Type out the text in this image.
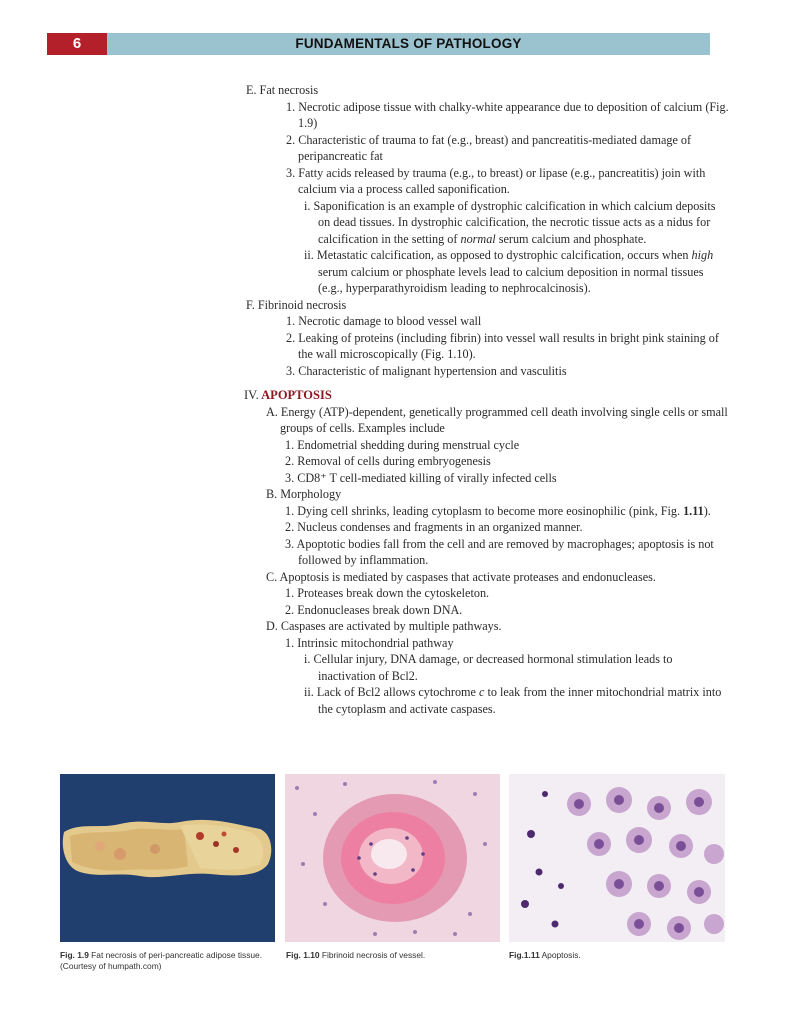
6	FUNDAMENTALS OF PATHOLOGY
E. Fat necrosis
1. Necrotic adipose tissue with chalky-white appearance due to deposition of calcium (Fig. 1.9)
2. Characteristic of trauma to fat (e.g., breast) and pancreatitis-mediated damage of peripancreatic fat
3. Fatty acids released by trauma (e.g., to breast) or lipase (e.g., pancreatitis) join with calcium via a process called saponification.
i. Saponification is an example of dystrophic calcification in which calcium deposits on dead tissues. In dystrophic calcification, the necrotic tissue acts as a nidus for calcification in the setting of normal serum calcium and phosphate.
ii. Metastatic calcification, as opposed to dystrophic calcification, occurs when high serum calcium or phosphate levels lead to calcium deposition in normal tissues (e.g., hyperparathyroidism leading to nephrocalcinosis).
F. Fibrinoid necrosis
1. Necrotic damage to blood vessel wall
2. Leaking of proteins (including fibrin) into vessel wall results in bright pink staining of the wall microscopically (Fig. 1.10).
3. Characteristic of malignant hypertension and vasculitis
IV. APOPTOSIS
A. Energy (ATP)-dependent, genetically programmed cell death involving single cells or small groups of cells. Examples include
1. Endometrial shedding during menstrual cycle
2. Removal of cells during embryogenesis
3. CD8⁺ T cell-mediated killing of virally infected cells
B. Morphology
1. Dying cell shrinks, leading cytoplasm to become more eosinophilic (pink, Fig. 1.11).
2. Nucleus condenses and fragments in an organized manner.
3. Apoptotic bodies fall from the cell and are removed by macrophages; apoptosis is not followed by inflammation.
C. Apoptosis is mediated by caspases that activate proteases and endonucleases.
1. Proteases break down the cytoskeleton.
2. Endonucleases break down DNA.
D. Caspases are activated by multiple pathways.
1. Intrinsic mitochondrial pathway
i. Cellular injury, DNA damage, or decreased hormonal stimulation leads to inactivation of Bcl2.
ii. Lack of Bcl2 allows cytochrome c to leak from the inner mitochondrial matrix into the cytoplasm and activate caspases.
Fig. 1.9 Fat necrosis of peri-pancreatic adipose tissue. (Courtesy of humpath.com)
Fig. 1.10 Fibrinoid necrosis of vessel.	Fig.1.11 Apoptosis.
